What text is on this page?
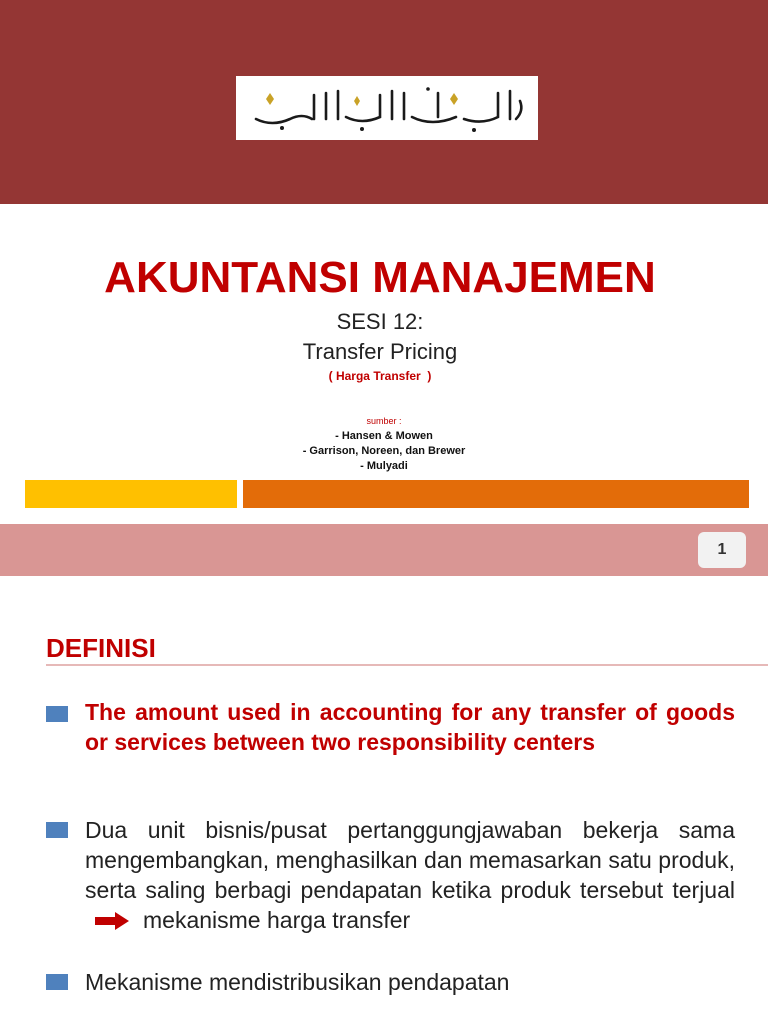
AKUNTANSI MANAJEMEN
SESI 12:
Transfer Pricing
( Harga Transfer  )
sumber :
- Hansen & Mowen
- Garrison, Noreen, dan Brewer
- Mulyadi
1
DEFINISI
The amount used in accounting for any transfer of goods or services between two responsibility centers
Dua unit bisnis/pusat pertanggungjawaban bekerja sama mengembangkan, menghasilkan dan memasarkan satu produk, serta saling berbagi pendapatan ketika produk tersebut terjualmekanisme harga transfer
Mekanisme mendistribusikan pendapatan
